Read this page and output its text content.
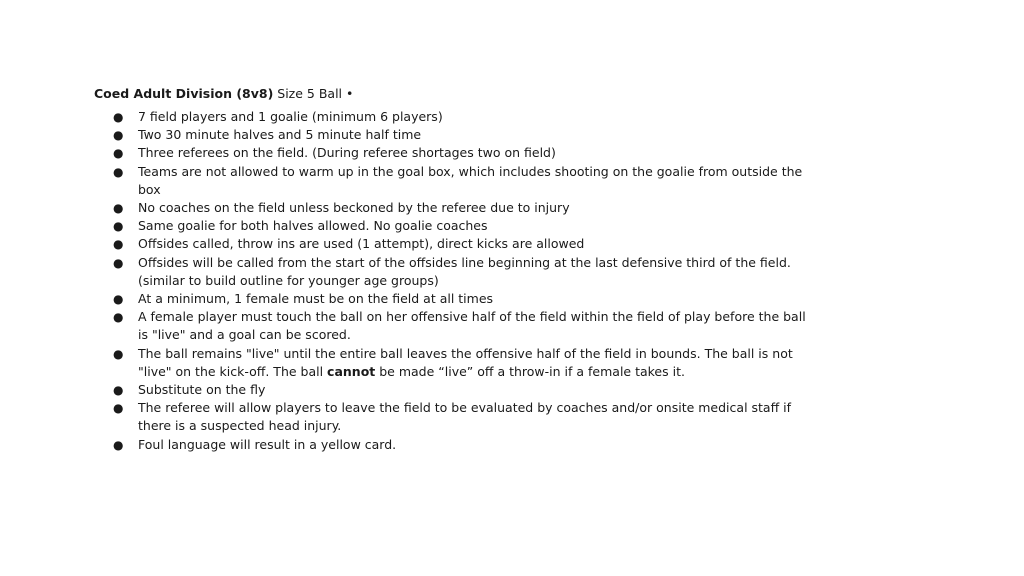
Coed Adult Division (8v8) Size 5 Ball •
● 7 field players and 1 goalie (minimum 6 players)
● Two 30 minute halves and 5 minute half time
● Three referees on the field. (During referee shortages two on field)
● Teams are not allowed to warm up in the goal box, which includes shooting on the goalie from outside the box
● No coaches on the field unless beckoned by the referee due to injury
● Same goalie for both halves allowed. No goalie coaches
● Offsides called, throw ins are used (1 attempt), direct kicks are allowed
● Offsides will be called from the start of the offsides line beginning at the last defensive third of the field. (similar to build outline for younger age groups)
● At a minimum, 1 female must be on the field at all times
● A female player must touch the ball on her offensive half of the field within the field of play before the ball is "live" and a goal can be scored.
● The ball remains "live" until the entire ball leaves the offensive half of the field in bounds. The ball is not "live" on the kick-off. The ball cannot be made “live” off a throw-in if a female takes it.
● Substitute on the fly
● The referee will allow players to leave the field to be evaluated by coaches and/or onsite medical staff if there is a suspected head injury.
● Foul language will result in a yellow card.
